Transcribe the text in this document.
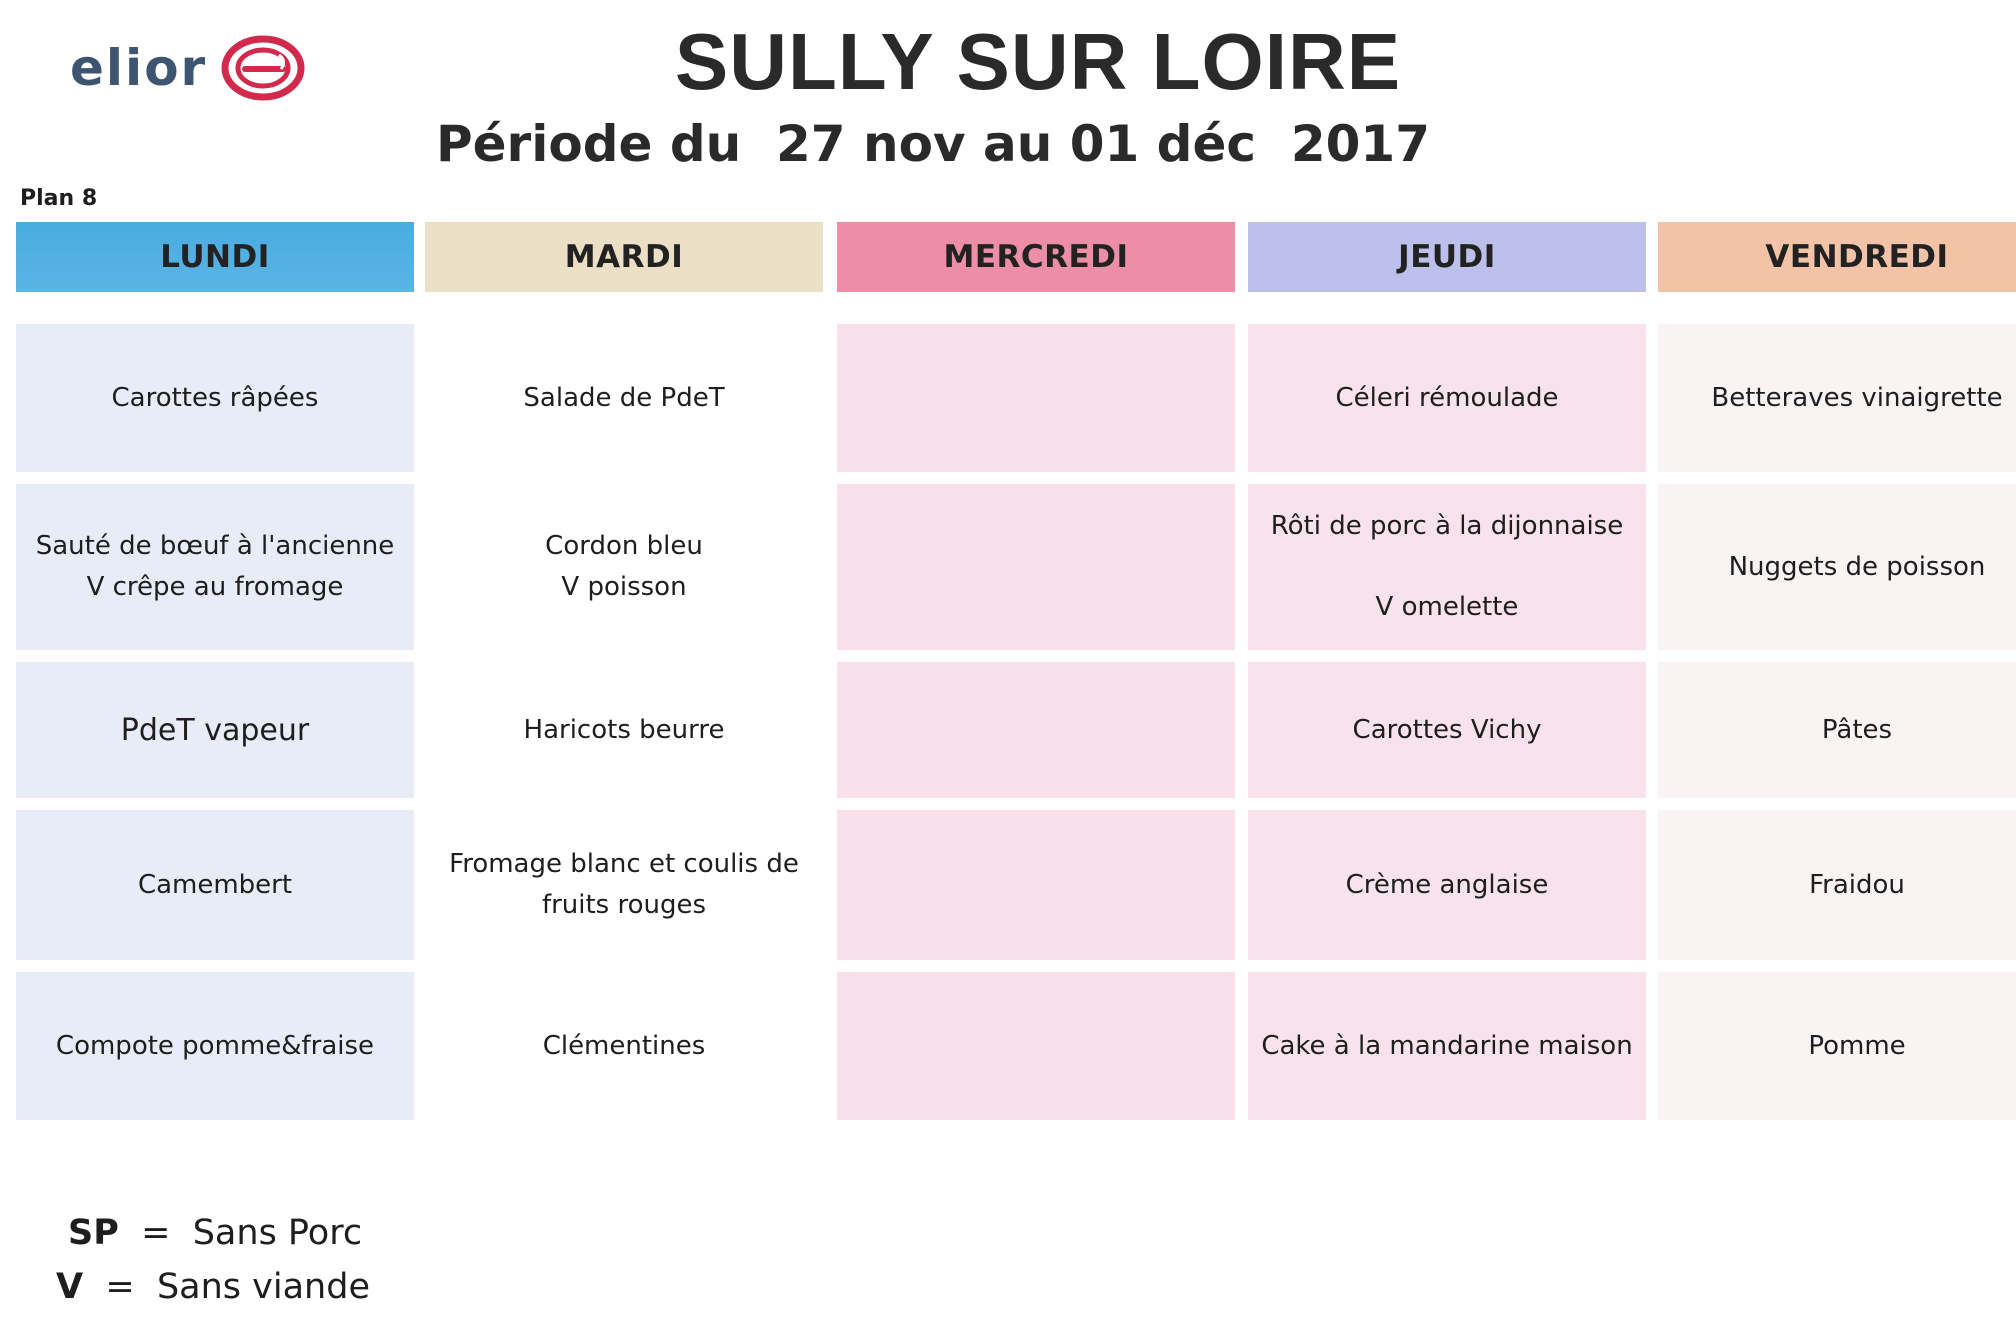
elior	SULLY SUR LOIRE
Période du  27 nov au 01 déc  2017
Plan 8
LUNDI
Carottes râpées
Sauté de bœuf à l'ancienne
V crêpe au fromage
PdeT vapeur
Camembert
Compote pomme&fraise
MARDI
Salade de PdeT
Cordon bleu
V poisson
Haricots beurre
Fromage blanc et coulis de
fruits rouges
Clémentines
MERCREDI	JEUDI
Céleri rémoulade
Rôti de porc à la dijonnaise
V omelette
Carottes Vichy
Crème anglaise
Cake à la mandarine maison
VENDREDI
Betteraves vinaigrette
Nuggets de poisson
Pâtes
Fraidou
Pomme
SP = Sans Porc
V = Sans viande
